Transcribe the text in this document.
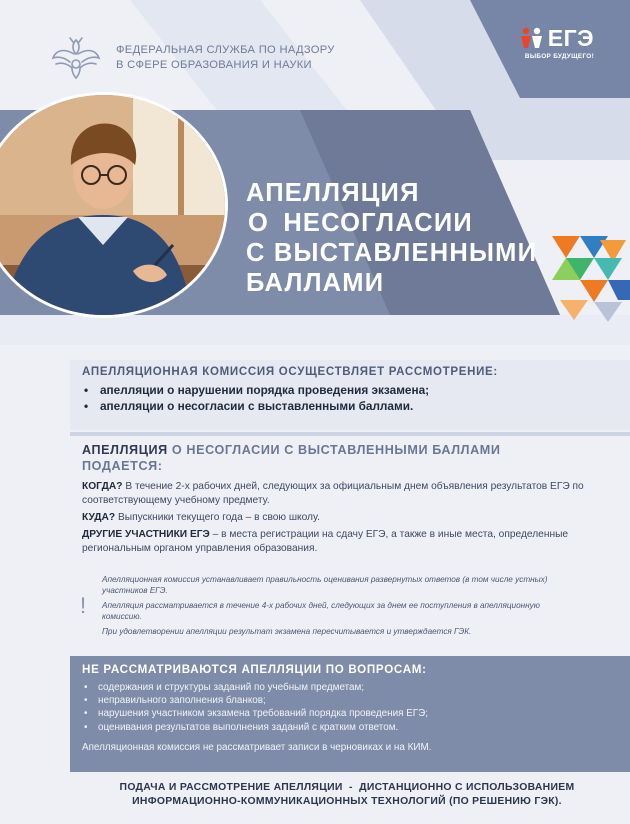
ФЕДЕРАЛЬНАЯ СЛУЖБА ПО НАДЗОРУ
В СФЕРЕ ОБРАЗОВАНИЯ И НАУКИ
ЕГЭ
ВЫБОР БУДУЩЕГО!
АПЕЛЛЯЦИЯ
О НЕСОГЛАСИИ
С ВЫСТАВЛЕННЫМИ
БАЛЛАМИ
АПЕЛЛЯЦИОННАЯ КОМИССИЯ ОСУЩЕСТВЛЯЕТ РАССМОТРЕНИЕ:
• апелляции о нарушении порядка проведения экзамена;
• апелляции о несогласии с выставленными баллами.
АПЕЛЛЯЦИЯ О НЕСОГЛАСИИ С ВЫСТАВЛЕННЫМИ БАЛЛАМИ
ПОДАЕТСЯ:

КОГДА? В течение 2-х рабочих дней, следующих за официальным днем объявления результатов ЕГЭ по соответствующему учебному предмету.

КУДА? Выпускники текущего года – в свою школу.

ДРУГИЕ УЧАСТНИКИ ЕГЭ – в места регистрации на сдачу ЕГЭ, а также в иные места, определенные региональным органом управления образования.

!

Апелляционная комиссия устанавливает правильность оценивания развернутых ответов (в том числе устных) участников ЕГЭ.

Апелляция рассматривается в течение 4-х рабочих дней, следующих за днем ее поступления в апелляционную комиссию.

При удовлетворении апелляции результат экзамена пересчитывается и утверждается ГЭК.

НЕ РАССМАТРИВАЮТСЯ АПЕЛЛЯЦИИ ПО ВОПРОСАМ:
• содержания и структуры заданий по учебным предметам;
• неправильного заполнения бланков;
• нарушения участником экзамена требований порядка проведения ЕГЭ;
• оценивания результатов выполнения заданий с кратким ответом.
Апелляционная комиссия не рассматривает записи в черновиках и на КИМ.
ПОДАЧА И РАССМОТРЕНИЕ АПЕЛЛЯЦИИ  -  ДИСТАНЦИОННО С ИСПОЛЬЗОВАНИЕМ
ИНФОРМАЦИОННО-КОММУНИКАЦИОННЫХ ТЕХНОЛОГИЙ (ПО РЕШЕНИЮ ГЭК).
